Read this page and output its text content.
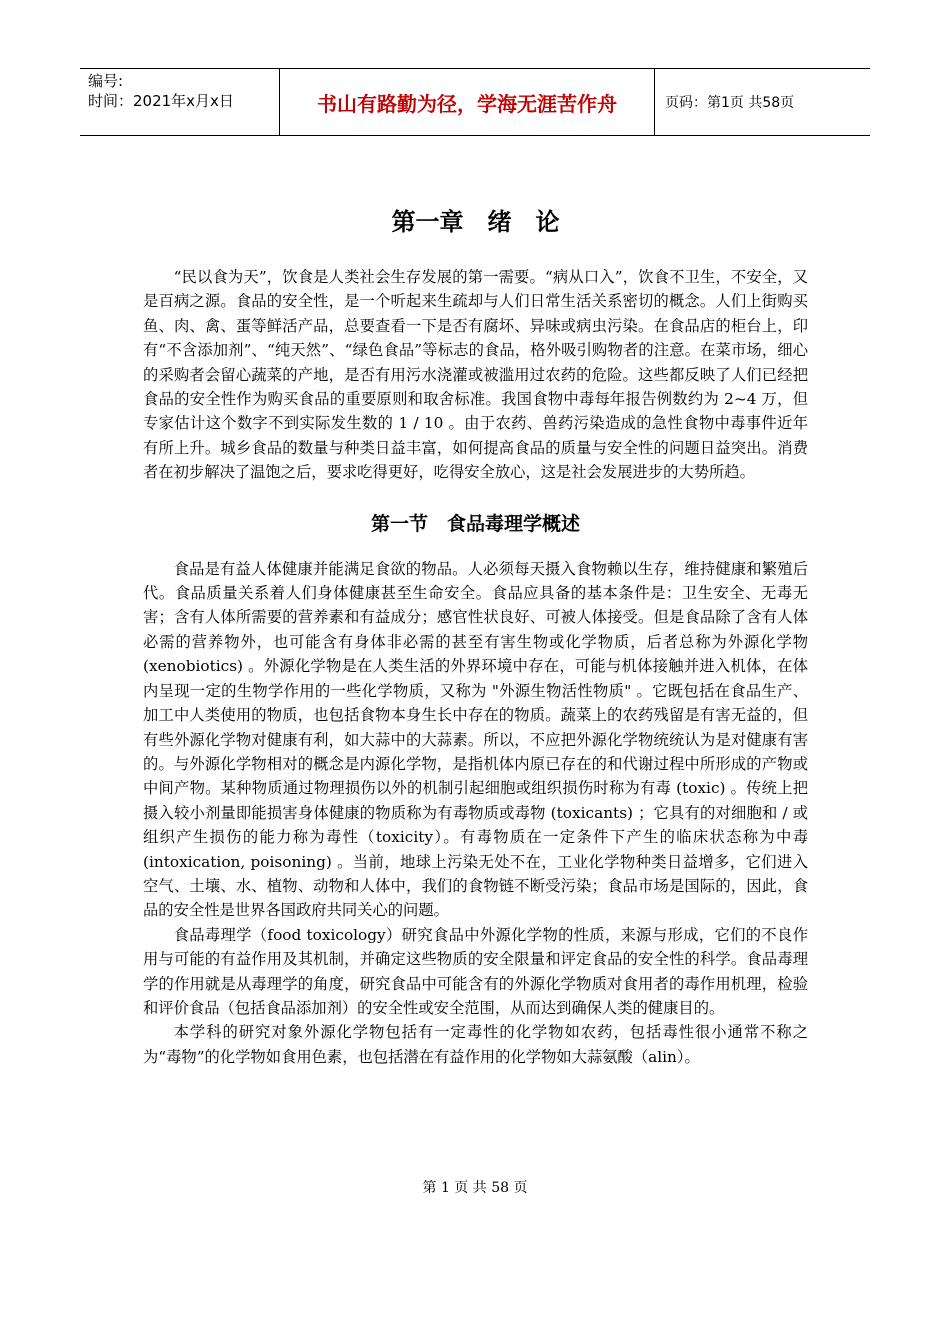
编号:
时间：2021年x月x日	书山有路勤为径，学海无涯苦作舟	页码：第1页 共58页
第一章　绪　论

“民以食为天”，饮食是人类社会生存发展的第一需要。“病从口入”，饮食不卫生，不安全，又是百病之源。食品的安全性，是一个听起来生疏却与人们日常生活关系密切的概念。人们上街购买鱼、肉、禽、蛋等鲜活产品，总要查看一下是否有腐坏、异味或病虫污染。在食品店的柜台上，印有“不含添加剂”、“纯天然”、“绿色食品”等标志的食品，格外吸引购物者的注意。在菜市场，细心的采购者会留心蔬菜的产地，是否有用污水浇灌或被滥用过农药的危险。这些都反映了人们已经把食品的安全性作为购买食品的重要原则和取舍标准。我国食物中毒每年报告例数约为 2~4 万，但专家估计这个数字不到实际发生数的 1 / 10 。由于农药、兽药污染造成的急性食物中毒事件近年有所上升。城乡食品的数量与种类日益丰富，如何提高食品的质量与安全性的问题日益突出。消费者在初步解决了温饱之后，要求吃得更好，吃得安全放心，这是社会发展进步的大势所趋。

第一节　食品毒理学概述

食品是有益人体健康并能满足食欲的物品。人必须每天摄入食物赖以生存，维持健康和繁殖后代。食品质量关系着人们身体健康甚至生命安全。食品应具备的基本条件是：卫生安全、无毒无害；含有人体所需要的营养素和有益成分；感官性状良好、可被人体接受。但是食品除了含有人体必需的营养物外，也可能含有身体非必需的甚至有害生物或化学物质，后者总称为外源化学物 (xenobiotics) 。外源化学物是在人类生活的外界环境中存在，可能与机体接触并进入机体，在体内呈现一定的生物学作用的一些化学物质，又称为 "外源生物活性物质" 。它既包括在食品生产、加工中人类使用的物质，也包括食物本身生长中存在的物质。蔬菜上的农药残留是有害无益的，但有些外源化学物对健康有利，如大蒜中的大蒜素。所以，不应把外源化学物统统认为是对健康有害的。与外源化学物相对的概念是内源化学物，是指机体内原已存在的和代谢过程中所形成的产物或中间产物。某种物质通过物理损伤以外的机制引起细胞或组织损伤时称为有毒 (toxic) 。传统上把摄入较小剂量即能损害身体健康的物质称为有毒物质或毒物 (toxicants) ；它具有的对细胞和 / 或组织产生损伤的能力称为毒性（toxicity）。有毒物质在一定条件下产生的临床状态称为中毒 (intoxication, poisoning) 。当前，地球上污染无处不在，工业化学物种类日益增多，它们进入空气、土壤、水、植物、动物和人体中，我们的食物链不断受污染；食品市场是国际的，因此，食品的安全性是世界各国政府共同关心的问题。

食品毒理学（food toxicology）研究食品中外源化学物的性质，来源与形成，它们的不良作用与可能的有益作用及其机制，并确定这些物质的安全限量和评定食品的安全性的科学。食品毒理学的作用就是从毒理学的角度，研究食品中可能含有的外源化学物质对食用者的毒作用机理，检验和评价食品（包括食品添加剂）的安全性或安全范围，从而达到确保人类的健康目的。

本学科的研究对象外源化学物包括有一定毒性的化学物如农药，包括毒性很小通常不称之为“毒物”的化学物如食用色素，也包括潜在有益作用的化学物如大蒜氨酸（alin）。

第 1 页 共 58 页
